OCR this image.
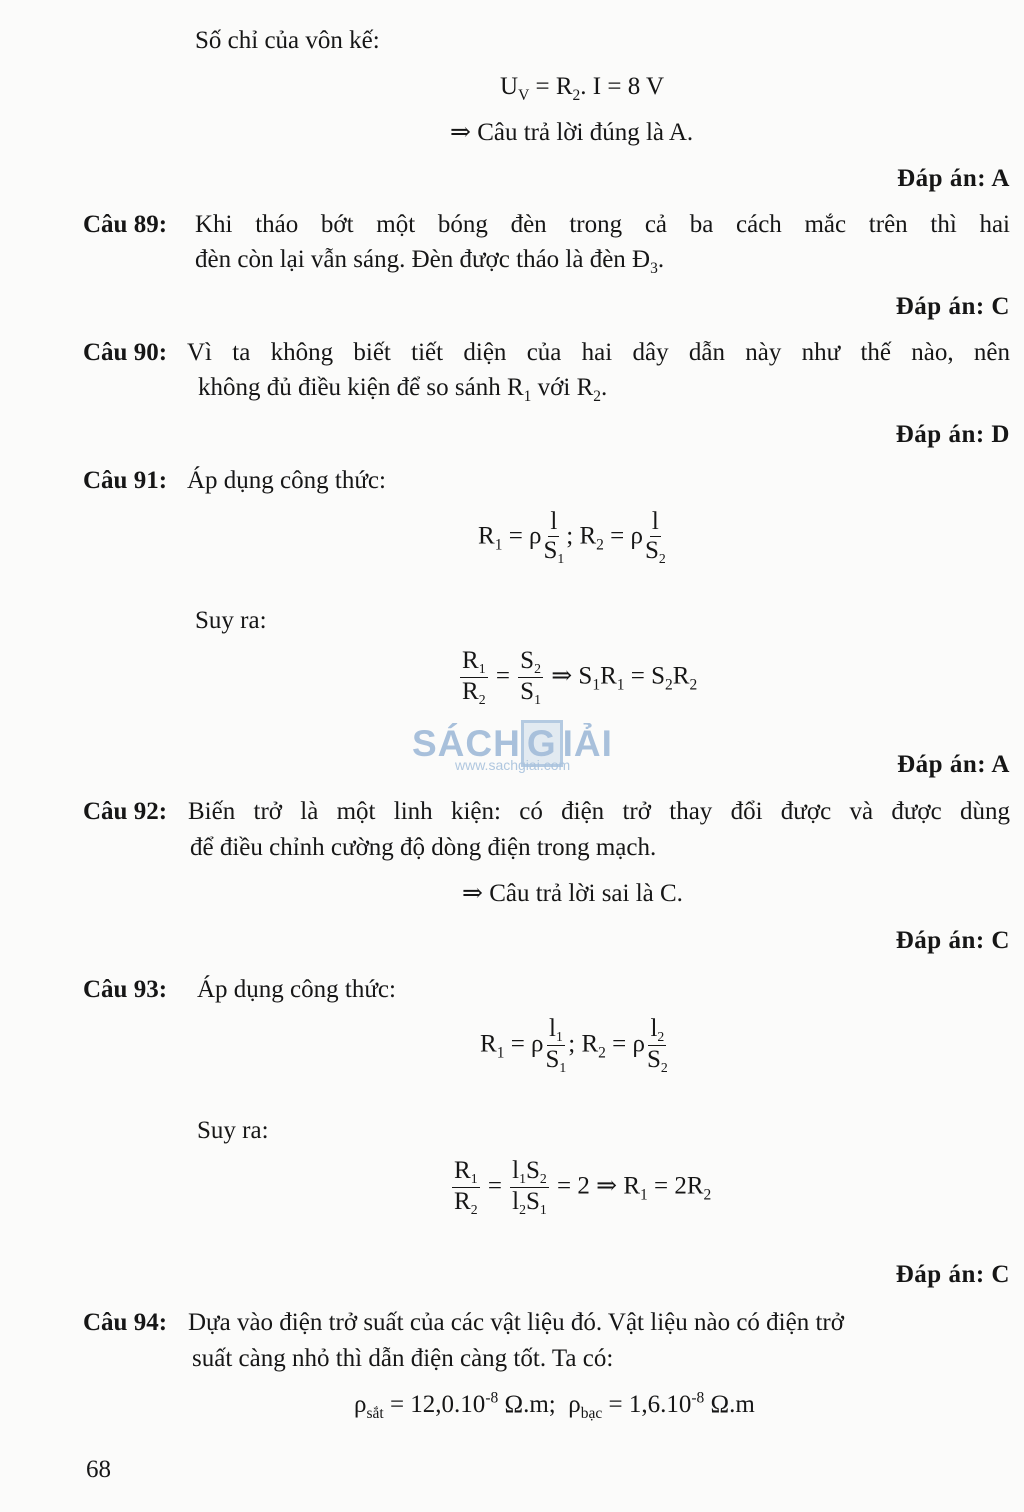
Số chỉ của vôn kế:
$U_V = R_2$. I = 8 V
⇒ Câu trả lời đúng là A.
Đáp án: A
Câu 89: Khi tháo bớt một bóng đèn trong cả ba cách mắc trên thì hai
đèn còn lại vẫn sáng. Đèn được tháo là đèn $Đ_3$.
Đáp án: C
Câu 90: Vì ta không biết tiết diện của hai dây dẫn này như thế nào, nên
không đủ điều kiện để so sánh $R_1$ với $R_2$.
Đáp án: D
Câu 91: Áp dụng công thức:
$R_1 = \rho \frac{l}{S1}$ ; $R_2 = \rho \frac{l}{S2}$
Suy ra:
$\frac{R1}{R2} = \frac{S2}{S1}$ ⇒ $S_1R_1 = S_2R_2$
SÁCH G IẢI
www.sachgiai.com	Đáp án: A
Câu 92: Biến trở là một linh kiện: có điện trở thay đổi được và được dùng
để điều chỉnh cường độ dòng điện trong mạch.
⇒ Câu trả lời sai là C.
Đáp án: C
Câu 93: Áp dụng công thức:
$R_1 = \rho \frac{l1}{S1}$ ; $R_2 = \rho \frac{l2}{S2}$
Suy ra:
$\frac{R1}{R2} = \frac{l1S2}{l2S1} = 2$ ⇒ $R_1 = 2R_2$
Đáp án: C
Câu 94: Dựa vào điện trở suất của các vật liệu đó. Vật liệu nào có điện trở
suất càng nhỏ thì dẫn điện càng tốt. Ta có:
$\rho_{sắt} = 12,0.10^{-8}$ Ω.m;  $\rho_{bạc} = 1,6.10^{-8}$ Ω.m
68
